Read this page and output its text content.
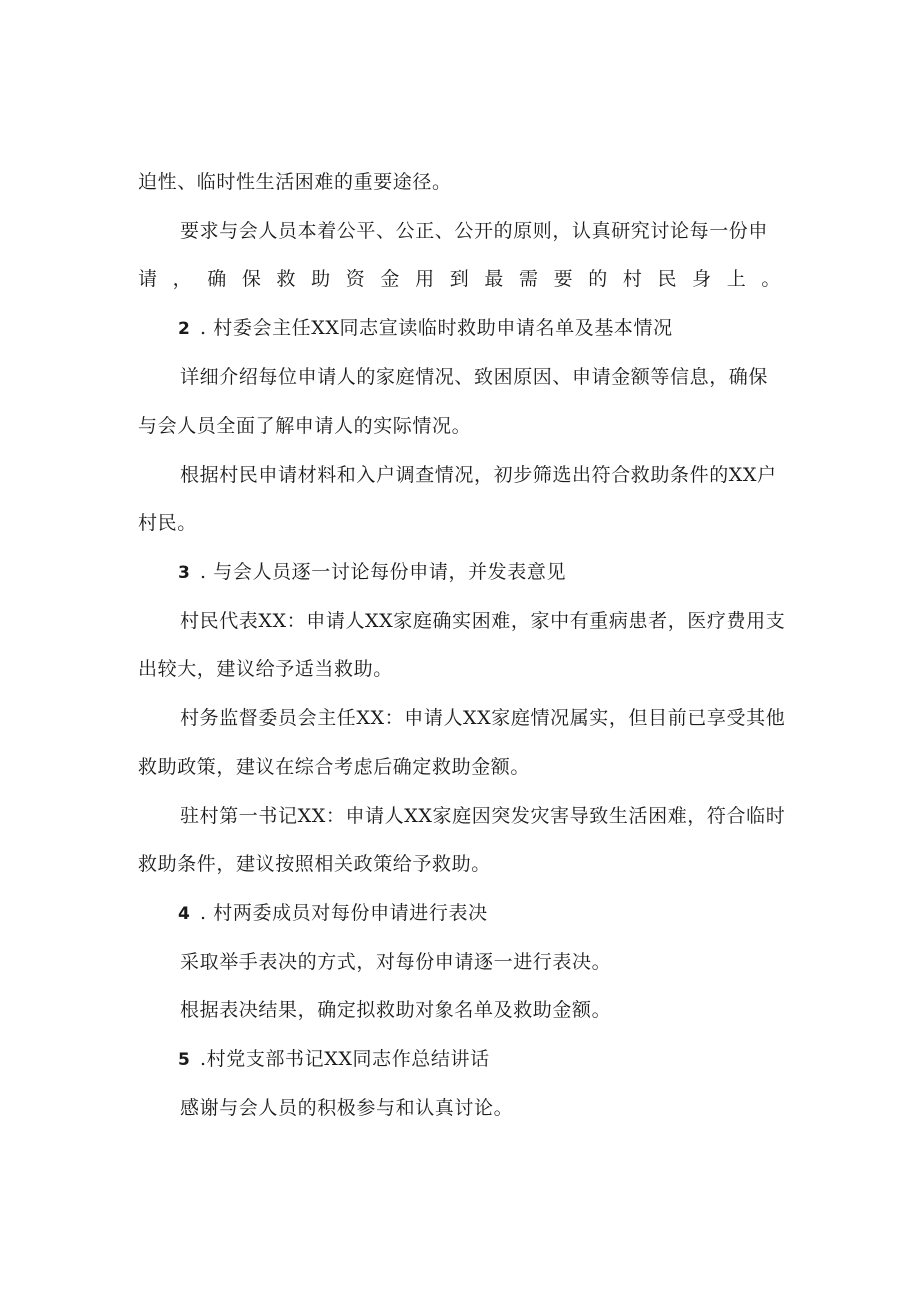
迫性、临时性生活困难的重要途径。
要求与会人员本着公平、公正、公开的原则，认真研究讨论每一份申
请，确保救助资金用到最需要的村民身上。
2 . 村委会主任XX同志宣读临时救助申请名单及基本情况
详细介绍每位申请人的家庭情况、致困原因、申请金额等信息，确保
与会人员全面了解申请人的实际情况。
根据村民申请材料和入户调查情况，初步筛选出符合救助条件的XX户
村民。
3 . 与会人员逐一讨论每份申请，并发表意见
村民代表XX：申请人XX家庭确实困难，家中有重病患者，医疗费用支
出较大，建议给予适当救助。
村务监督委员会主任XX：申请人XX家庭情况属实，但目前已享受其他
救助政策，建议在综合考虑后确定救助金额。
驻村第一书记XX：申请人XX家庭因突发灾害导致生活困难，符合临时
救助条件，建议按照相关政策给予救助。
4 . 村两委成员对每份申请进行表决
采取举手表决的方式，对每份申请逐一进行表决。
根据表决结果，确定拟救助对象名单及救助金额。
5 .村党支部书记XX同志作总结讲话
感谢与会人员的积极参与和认真讨论。
